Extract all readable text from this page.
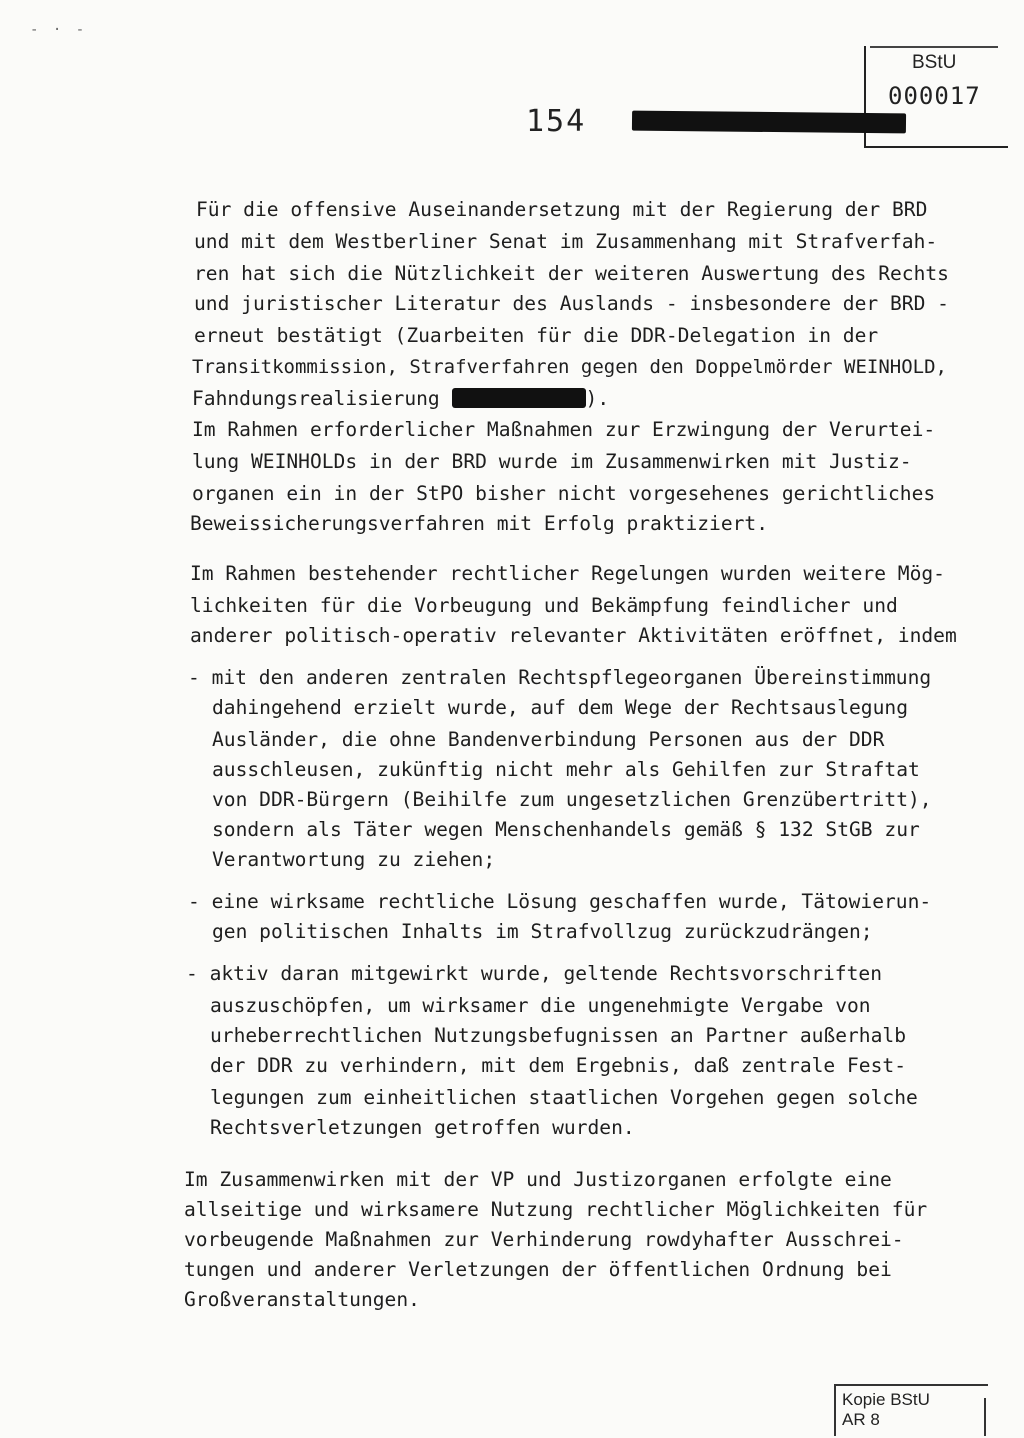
- · -
BStU
000017
154
Für die offensive Auseinandersetzung mit der Regierung der BRD
und mit dem Westberliner Senat im Zusammenhang mit Strafverfah-
ren hat sich die Nützlichkeit der weiteren Auswertung des Rechts
und juristischer Literatur des Auslands - insbesondere der BRD -
erneut bestätigt (Zuarbeiten für die DDR-Delegation in der
Transitkommission, Strafverfahren gegen den Doppelmörder WEINHOLD,
Fahndungsrealisierung	).
Im Rahmen erforderlicher Maßnahmen zur Erzwingung der Verurtei-
lung WEINHOLDs in der BRD wurde im Zusammenwirken mit Justiz-
organen ein in der StPO bisher nicht vorgesehenes gerichtliches
Beweissicherungsverfahren mit Erfolg praktiziert.
Im Rahmen bestehender rechtlicher Regelungen wurden weitere Mög-
lichkeiten für die Vorbeugung und Bekämpfung feindlicher und
anderer politisch-operativ relevanter Aktivitäten eröffnet, indem
- mit den anderen zentralen Rechtspflegeorganen Übereinstimmung
dahingehend erzielt wurde, auf dem Wege der Rechtsauslegung
Ausländer, die ohne Bandenverbindung Personen aus der DDR
ausschleusen, zukünftig nicht mehr als Gehilfen zur Straftat
von DDR-Bürgern (Beihilfe zum ungesetzlichen Grenzübertritt),
sondern als Täter wegen Menschenhandels gemäß § 132 StGB zur
Verantwortung zu ziehen;
- eine wirksame rechtliche Lösung geschaffen wurde, Tätowierun-
gen politischen Inhalts im Strafvollzug zurückzudrängen;
- aktiv daran mitgewirkt wurde, geltende Rechtsvorschriften
auszuschöpfen, um wirksamer die ungenehmigte Vergabe von
urheberrechtlichen Nutzungsbefugnissen an Partner außerhalb
der DDR zu verhindern, mit dem Ergebnis, daß zentrale Fest-
legungen zum einheitlichen staatlichen Vorgehen gegen solche
Rechtsverletzungen getroffen wurden.
Im Zusammenwirken mit der VP und Justizorganen erfolgte eine
allseitige und wirksamere Nutzung rechtlicher Möglichkeiten für
vorbeugende Maßnahmen zur Verhinderung rowdyhafter Ausschrei-
tungen und anderer Verletzungen der öffentlichen Ordnung bei
Großveranstaltungen.
Kopie BStU
AR 8
